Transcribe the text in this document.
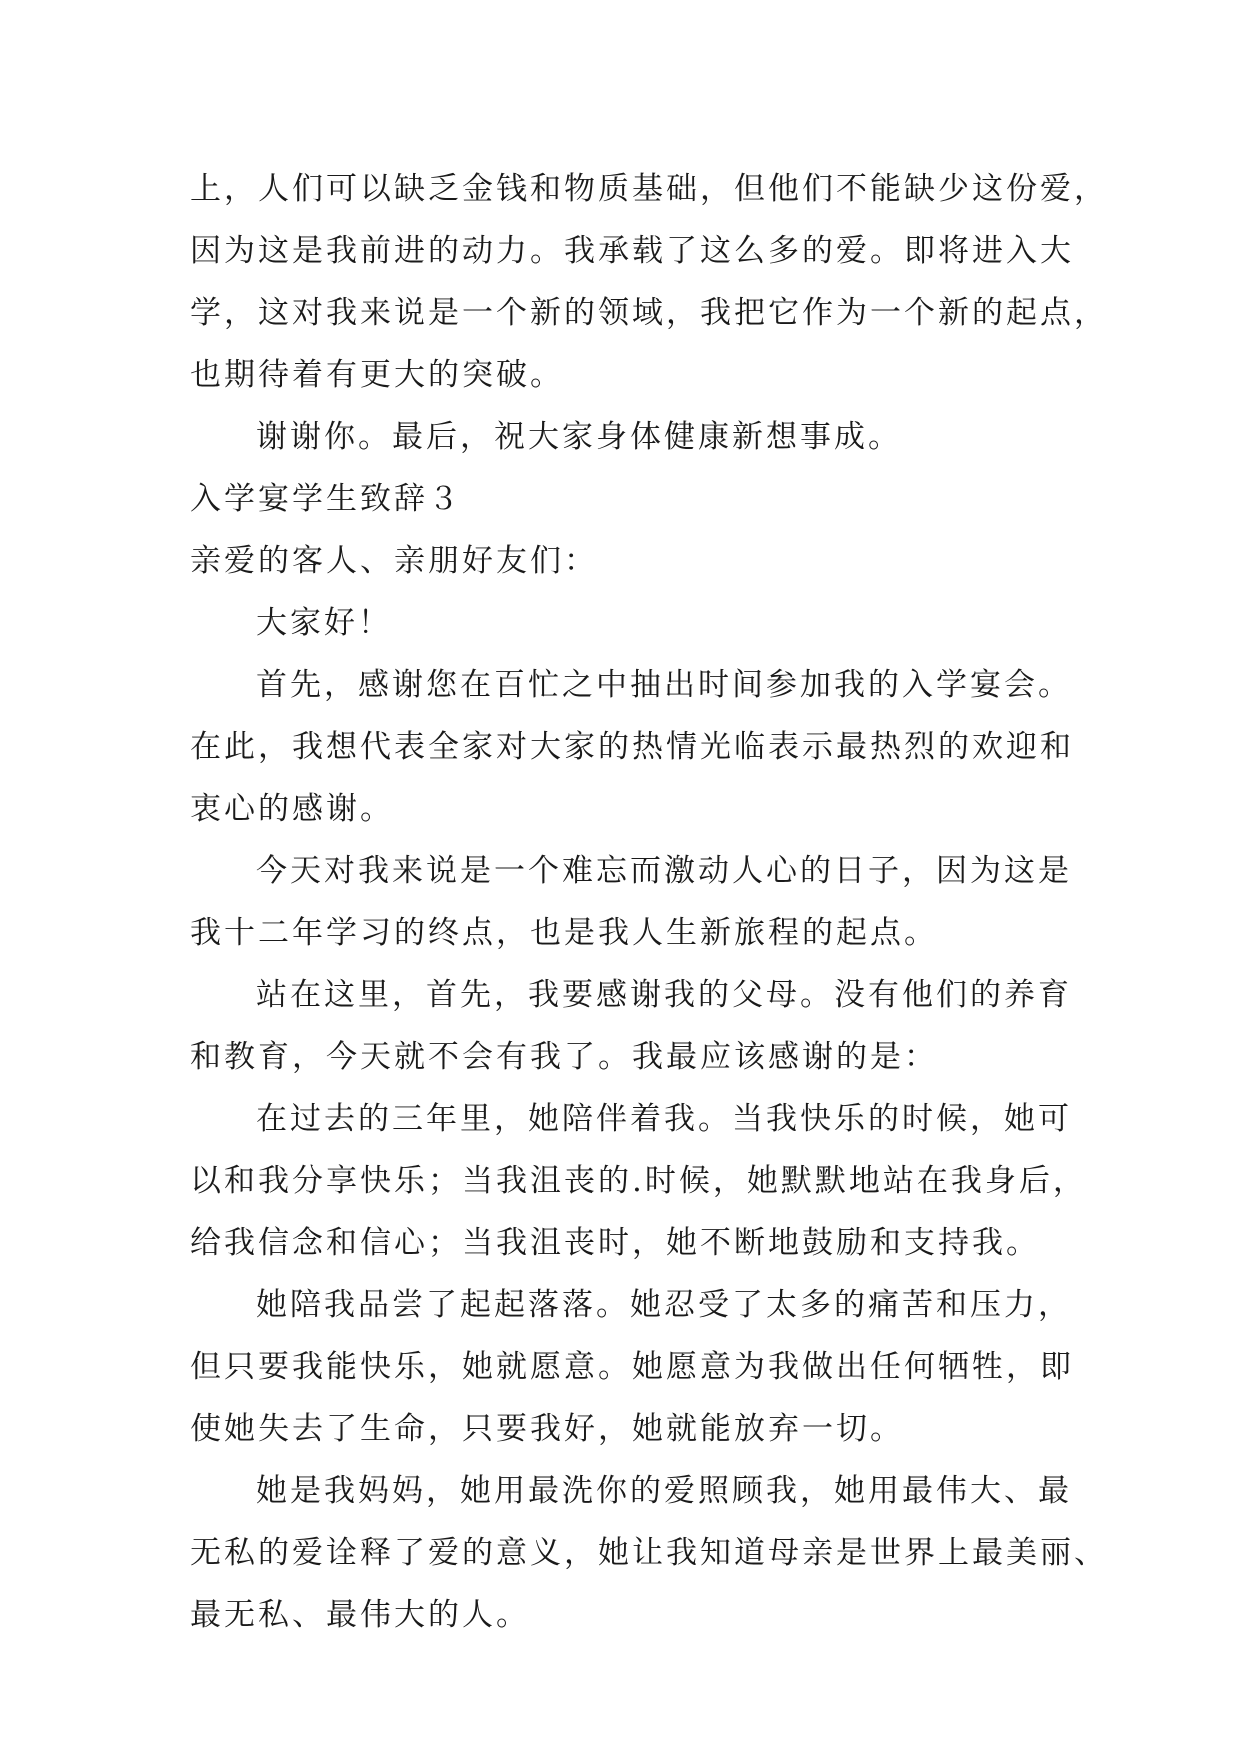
上，人们可以缺乏金钱和物质基础，但他们不能缺少这份爱，
因为这是我前进的动力。我承载了这么多的爱。即将进入大
学，这对我来说是一个新的领域，我把它作为一个新的起点，
也期待着有更大的突破。
谢谢你。最后，祝大家身体健康新想事成。
入学宴学生致辞３
亲爱的客人、亲朋好友们：
大家好！
首先，感谢您在百忙之中抽出时间参加我的入学宴会。
在此，我想代表全家对大家的热情光临表示最热烈的欢迎和
衷心的感谢。
今天对我来说是一个难忘而激动人心的日子，因为这是
我十二年学习的终点，也是我人生新旅程的起点。
站在这里，首先，我要感谢我的父母。没有他们的养育
和教育，今天就不会有我了。我最应该感谢的是：
在过去的三年里，她陪伴着我。当我快乐的时候，她可
以和我分享快乐；当我沮丧的.时候，她默默地站在我身后，
给我信念和信心；当我沮丧时，她不断地鼓励和支持我。
她陪我品尝了起起落落。她忍受了太多的痛苦和压力，
但只要我能快乐，她就愿意。她愿意为我做出任何牺牲，即
使她失去了生命，只要我好，她就能放弃一切。
她是我妈妈，她用最洗你的爱照顾我，她用最伟大、最
无私的爱诠释了爱的意义，她让我知道母亲是世界上最美丽、
最无私、最伟大的人。
